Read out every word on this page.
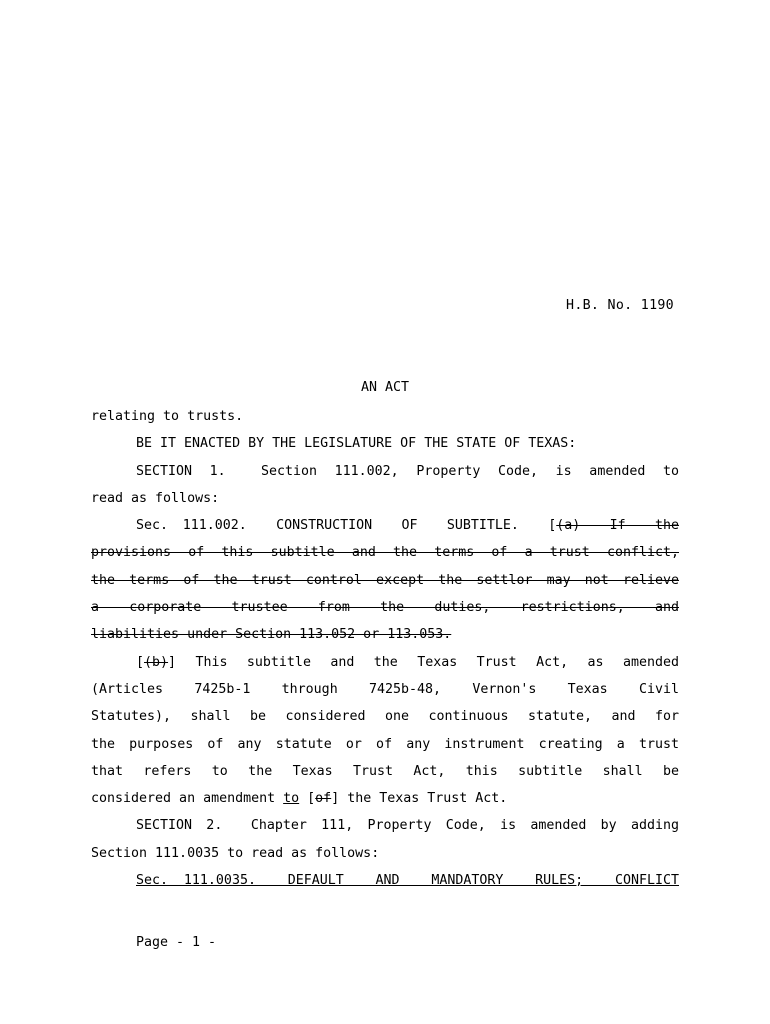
H.B. No. 1190
AN ACT
relating to trusts.
BE IT ENACTED BY THE LEGISLATURE OF THE STATE OF TEXAS:
SECTION 1.  Section 111.002, Property Code, is amended to
read as follows:
Sec. 111.002.  CONSTRUCTION  OF  SUBTITLE.  [(a)  If  the
provisions of this subtitle and the terms of a trust conflict,
the terms of the trust control except the settlor may not relieve
a  corporate  trustee  from  the  duties,  restrictions,  and
liabilities under Section 113.052 or 113.053.
[(b)]  This  subtitle  and  the  Texas  Trust  Act,  as  amended
(Articles  7425b-1  through  7425b-48,  Vernon's  Texas  Civil
Statutes), shall be considered one continuous statute, and for
the purposes of any statute or of any instrument creating a trust
that  refers  to  the  Texas  Trust  Act,  this  subtitle  shall  be
considered an amendment to [of] the Texas Trust Act.
SECTION 2.  Chapter 111, Property Code, is amended by adding
Section 111.0035 to read as follows:
Sec. 111.0035.  DEFAULT  AND  MANDATORY  RULES;  CONFLICT
Page - 1 -
